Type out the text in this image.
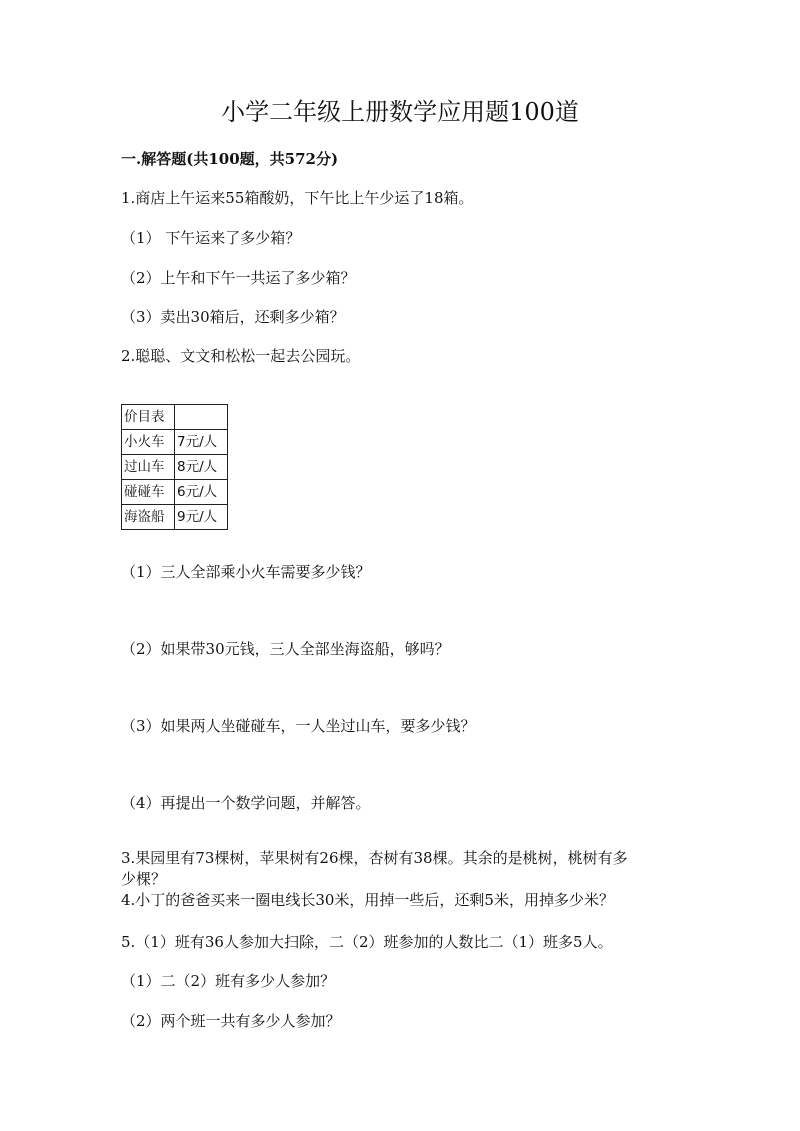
小学二年级上册数学应用题100道
一.解答题(共100题，共572分)
1.商店上午运来55箱酸奶，下午比上午少运了18箱。
（1） 下午运来了多少箱？
（2）上午和下午一共运了多少箱？
（3）卖出30箱后，还剩多少箱？
2.聪聪、文文和松松一起去公园玩。
价目表	
小火车	7元/人
过山车	8元/人
碰碰车	6元/人
海盗船	9元/人
（1）三人全部乘小火车需要多少钱？
（2）如果带30元钱，三人全部坐海盗船，够吗？
（3）如果两人坐碰碰车，一人坐过山车，要多少钱？
（4）再提出一个数学问题，并解答。
3.果园里有73棵树，苹果树有26棵，杏树有38棵。其余的是桃树，桃树有多
少棵？
4.小丁的爸爸买来一圈电线长30米，用掉一些后，还剩5米，用掉多少米？
5.（1）班有36人参加大扫除，二（2）班参加的人数比二（1）班多5人。
（1）二（2）班有多少人参加？
（2）两个班一共有多少人参加？
